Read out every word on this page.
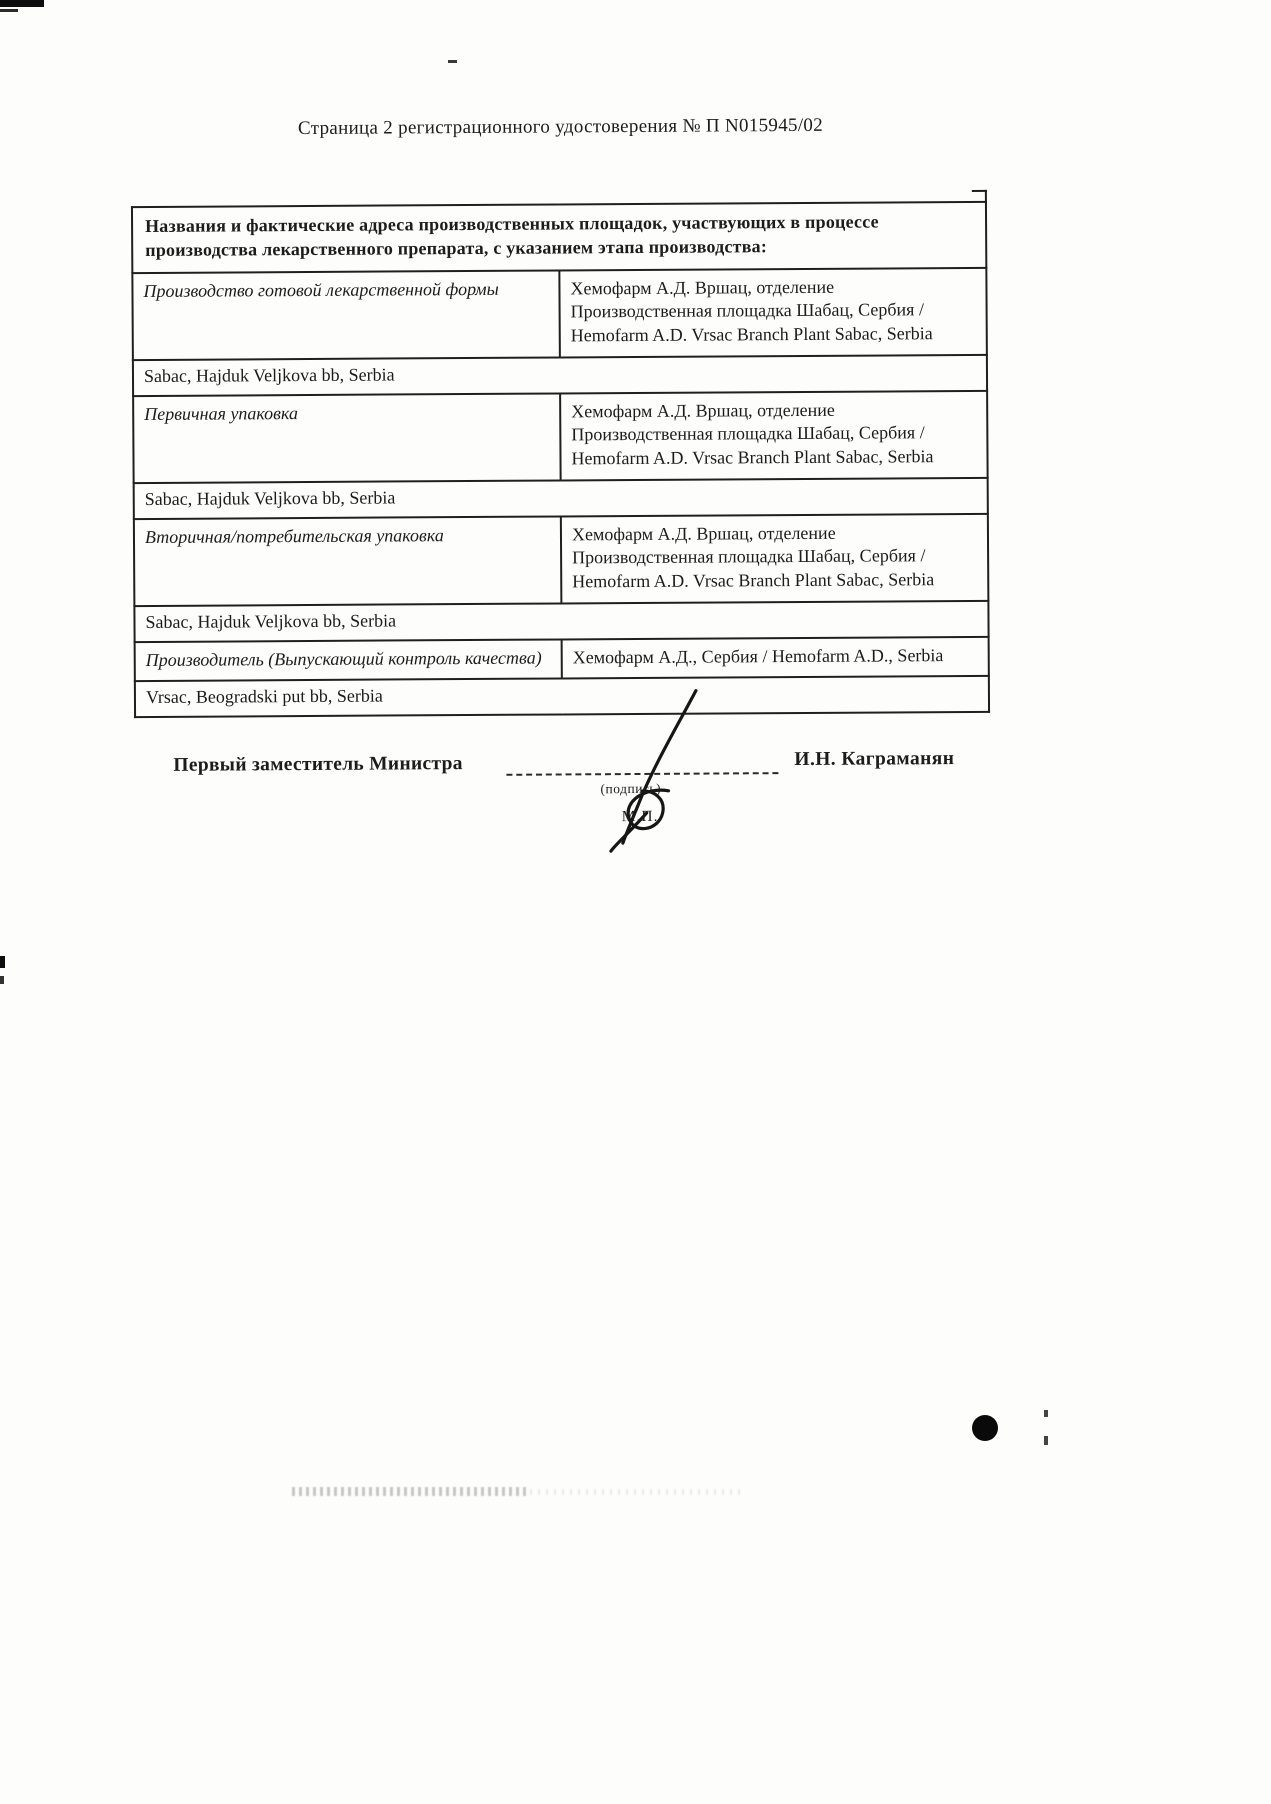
Страница 2 регистрационного удостоверения № П N015945/02
Названия и фактические адреса производственных площадок, участвующих в процессе производства лекарственного препарата, с указанием этапа производства:	
Производство готовой лекарственной формы	Хемофарм А.Д. Вршац, отделение Производственная площадка Шабац, Сербия / Hemofarm A.D. Vrsac Branch Plant Sabac, Serbia
Sabac, Hajduk Veljkova bb, Serbia	
Первичная упаковка	Хемофарм А.Д. Вршац, отделение Производственная площадка Шабац, Сербия / Hemofarm A.D. Vrsac Branch Plant Sabac, Serbia
Sabac, Hajduk Veljkova bb, Serbia	
Вторичная/потребительская упаковка	Хемофарм А.Д. Вршац, отделение Производственная площадка Шабац, Сербия / Hemofarm A.D. Vrsac Branch Plant Sabac, Serbia
Sabac, Hajduk Veljkova bb, Serbia	
Производитель (Выпускающий контроль качества)	Хемофарм А.Д., Сербия / Hemofarm A.D., Serbia
Vrsac, Beogradski put bb, Serbia	
Первый заместитель Министра
(подпись)
М.П.
И.Н. Каграманян
